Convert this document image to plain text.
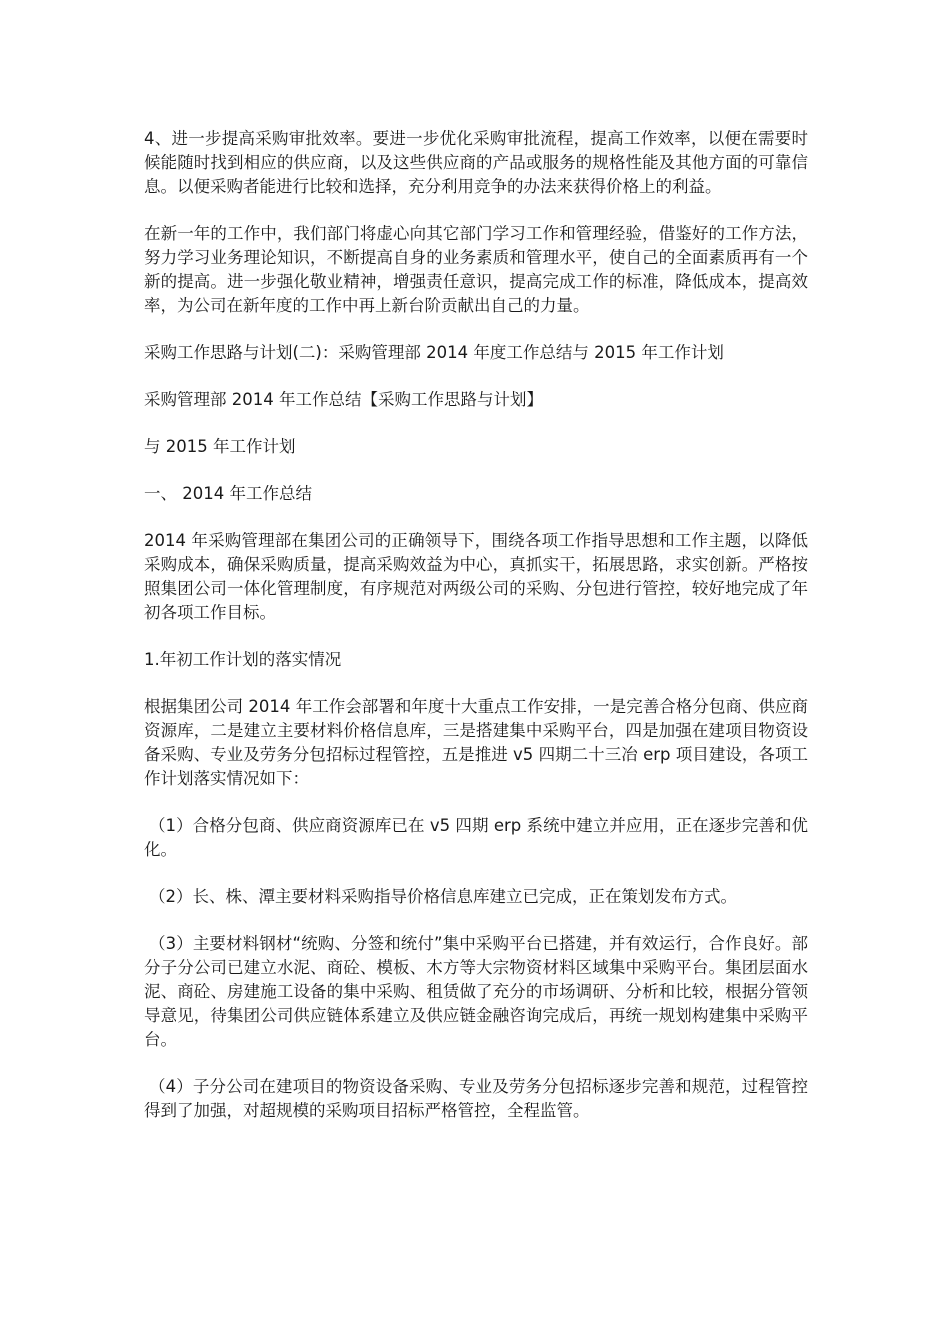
4、进一步提高采购审批效率。要进一步优化采购审批流程，提高工作效率，以便在需要时候能随时找到相应的供应商，以及这些供应商的产品或服务的规格性能及其他方面的可靠信息。以便采购者能进行比较和选择，充分利用竞争的办法来获得价格上的利益。

在新一年的工作中，我们部门将虚心向其它部门学习工作和管理经验，借鉴好的工作方法，努力学习业务理论知识，不断提高自身的业务素质和管理水平，使自己的全面素质再有一个新的提高。进一步强化敬业精神，增强责任意识，提高完成工作的标准，降低成本，提高效率，为公司在新年度的工作中再上新台阶贡献出自己的力量。

采购工作思路与计划(二)：采购管理部 2014 年度工作总结与 2015 年工作计划

采购管理部 2014 年工作总结【采购工作思路与计划】

与 2015 年工作计划

一、 2014 年工作总结

2014 年采购管理部在集团公司的正确领导下，围绕各项工作指导思想和工作主题，以降低采购成本，确保采购质量，提高采购效益为中心，真抓实干，拓展思路，求实创新。严格按照集团公司一体化管理制度，有序规范对两级公司的采购、分包进行管控，较好地完成了年初各项工作目标。

1.年初工作计划的落实情况

根据集团公司 2014 年工作会部署和年度十大重点工作安排，一是完善合格分包商、供应商资源库，二是建立主要材料价格信息库，三是搭建集中采购平台，四是加强在建项目物资设备采购、专业及劳务分包招标过程管控，五是推进 v5 四期二十三冶 erp 项目建设，各项工作计划落实情况如下：

（1）合格分包商、供应商资源库已在 v5 四期 erp 系统中建立并应用，正在逐步完善和优化。

（2）长、株、潭主要材料采购指导价格信息库建立已完成，正在策划发布方式。

（3）主要材料钢材“统购、分签和统付”集中采购平台已搭建，并有效运行，合作良好。部分子分公司已建立水泥、商砼、模板、木方等大宗物资材料区域集中采购平台。集团层面水泥、商砼、房建施工设备的集中采购、租赁做了充分的市场调研、分析和比较，根据分管领导意见，待集团公司供应链体系建立及供应链金融咨询完成后，再统一规划构建集中采购平台。

（4）子分公司在建项目的物资设备采购、专业及劳务分包招标逐步完善和规范，过程管控得到了加强，对超规模的采购项目招标严格管控，全程监管。
